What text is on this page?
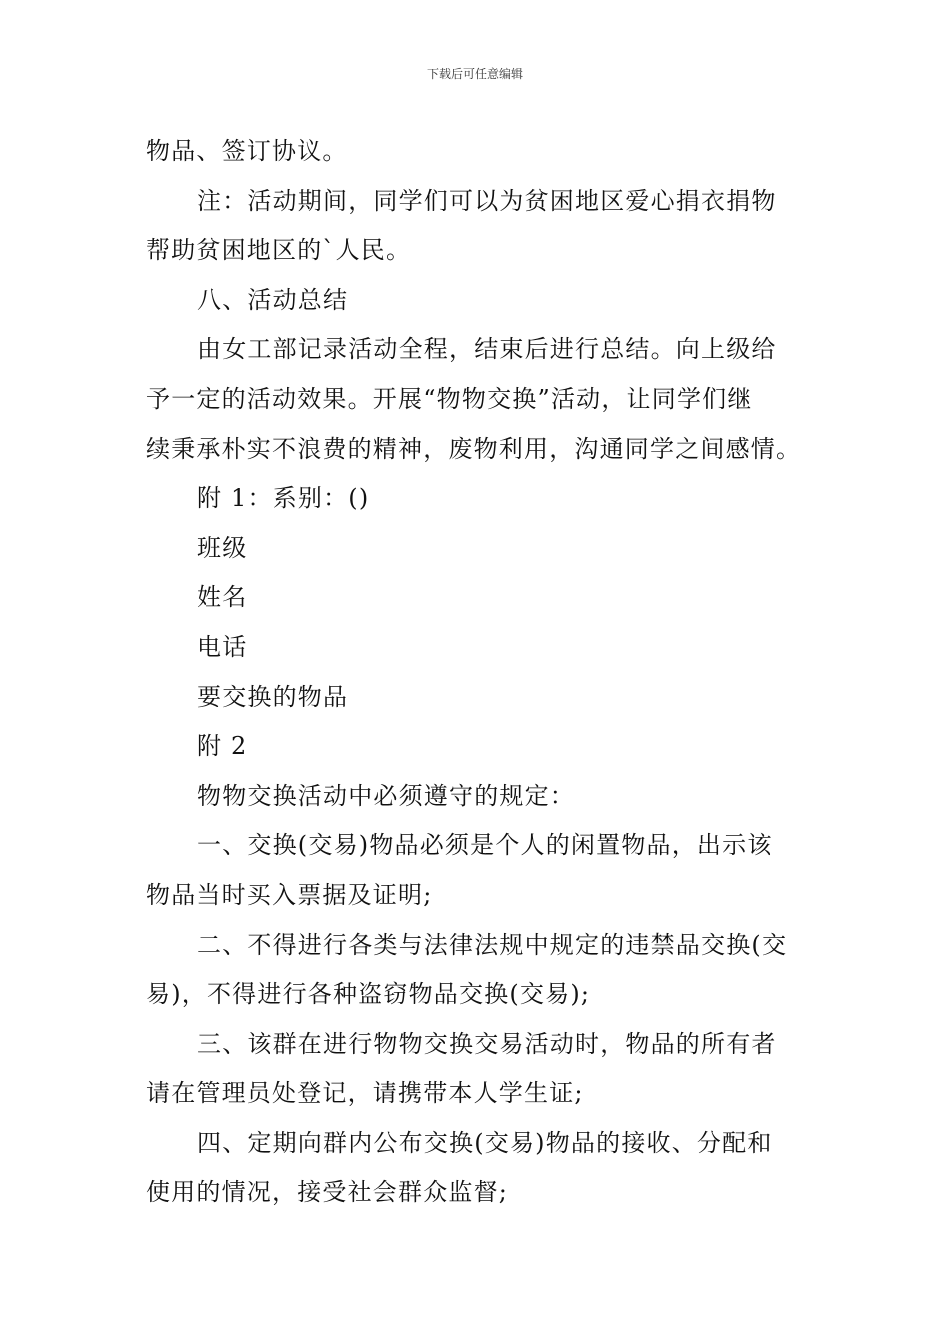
下载后可任意编辑

物品、签订协议。

注：活动期间，同学们可以为贫困地区爱心捐衣捐物

帮助贫困地区的`人民。

八、活动总结

由女工部记录活动全程，结束后进行总结。向上级给

予一定的活动效果。开展“物物交换”活动，让同学们继

续秉承朴实不浪费的精神，废物利用，沟通同学之间感情。

附 1：系别：()

班级

姓名

电话

要交换的物品

附 2

物物交换活动中必须遵守的规定：

一、交换(交易)物品必须是个人的闲置物品，出示该

物品当时买入票据及证明;

二、不得进行各类与法律法规中规定的违禁品交换(交

易)，不得进行各种盗窃物品交换(交易);

三、该群在进行物物交换交易活动时，物品的所有者

请在管理员处登记，请携带本人学生证;

四、定期向群内公布交换(交易)物品的接收、分配和

使用的情况，接受社会群众监督;
